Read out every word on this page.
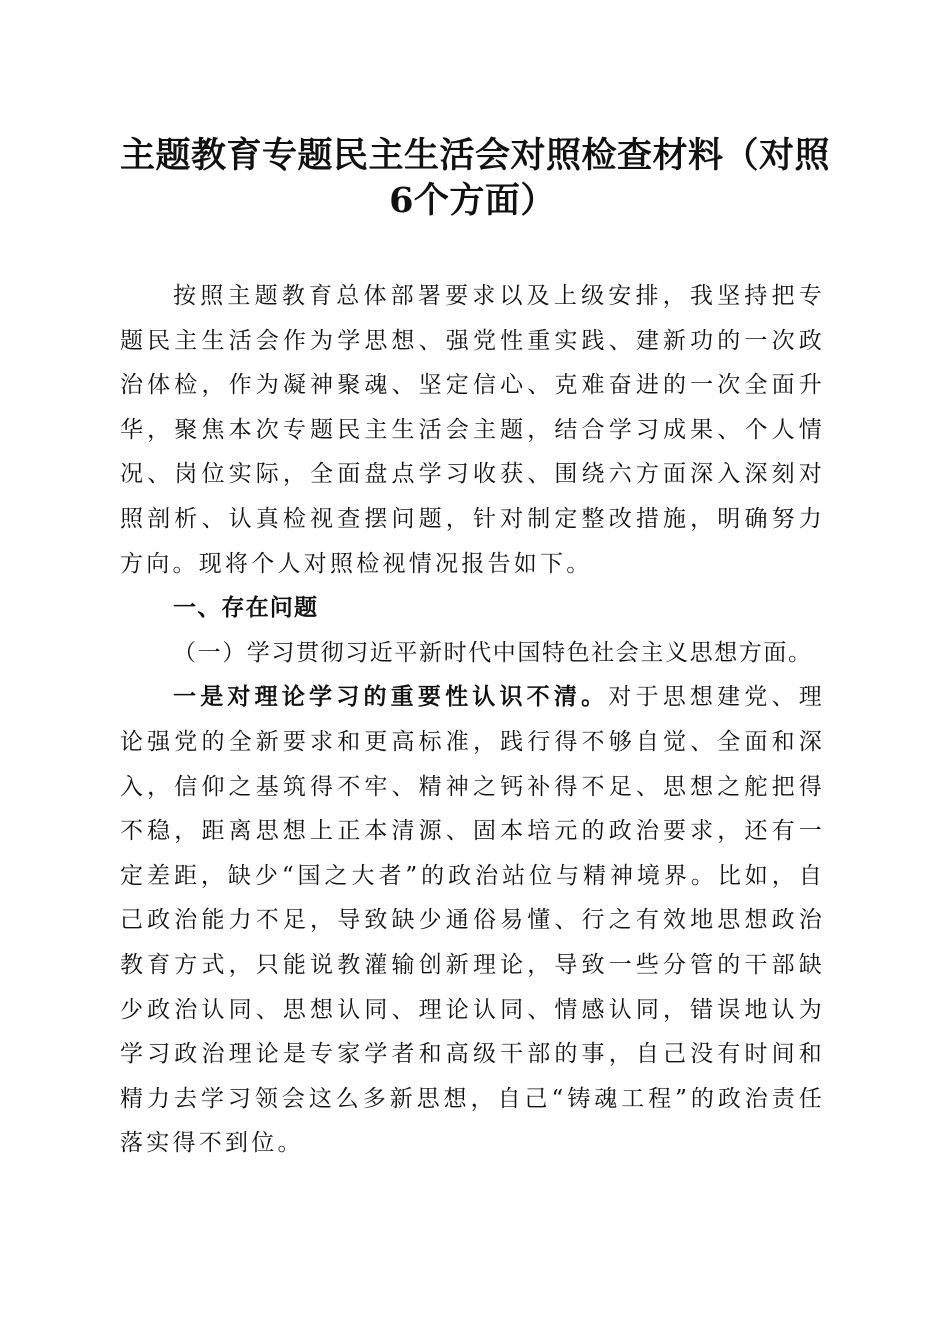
主题教育专题民主生活会对照检查材料（对照
6个方面）

按照主题教育总体部署要求以及上级安排，我坚持把专题民主生活会作为学思想、强党性重实践、建新功的一次政治体检，作为凝神聚魂、坚定信心、克难奋进的一次全面升华，聚焦本次专题民主生活会主题，结合学习成果、个人情况、岗位实际，全面盘点学习收获、围绕六方面深入深刻对照剖析、认真检视查摆问题，针对制定整改措施，明确努力方向。现将个人对照检视情况报告如下。

一、存在问题

（一）学习贯彻习近平新时代中国特色社会主义思想方面。

一是对理论学习的重要性认识不清。对于思想建党、理论强党的全新要求和更高标准，践行得不够自觉、全面和深入，信仰之基筑得不牢、精神之钙补得不足、思想之舵把得不稳，距离思想上正本清源、固本培元的政治要求，还有一定差距，缺少“国之大者”的政治站位与精神境界。比如，自己政治能力不足，导致缺少通俗易懂、行之有效地思想政治教育方式，只能说教灌输创新理论，导致一些分管的干部缺少政治认同、思想认同、理论认同、情感认同，错误地认为学习政治理论是专家学者和高级干部的事，自己没有时间和精力去学习领会这么多新思想，自己“铸魂工程”的政治责任落实得不到位。
